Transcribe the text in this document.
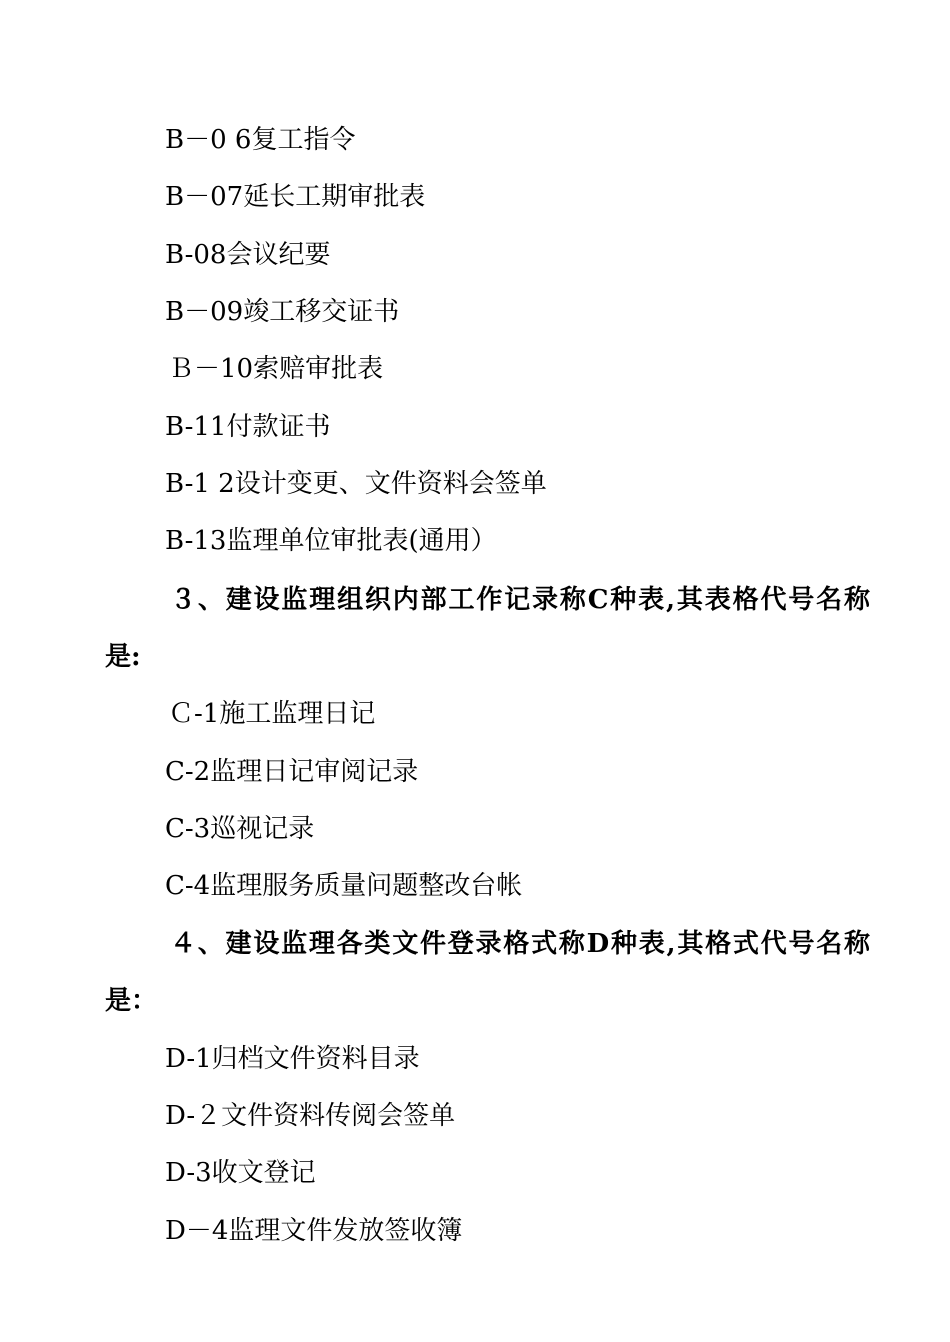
B－0 6复工指令
B－07延长工期审批表
B-08会议纪要
B－09竣工移交证书
Ｂ－10索赔审批表
B-11付款证书
B-1 2设计变更、文件资料会签单
B-13监理单位审批表(通用）
３、建设监理组织内部工作记录称C种表,其表格代号名称
是:
Ｃ-1施工监理日记
C-2监理日记审阅记录
C-3巡视记录
C-4监理服务质量问题整改台帐
４、建设监理各类文件登录格式称D种表,其格式代号名称
是：
D-1归档文件资料目录
D-２文件资料传阅会签单
D-3收文登记
D－4监理文件发放签收簿
